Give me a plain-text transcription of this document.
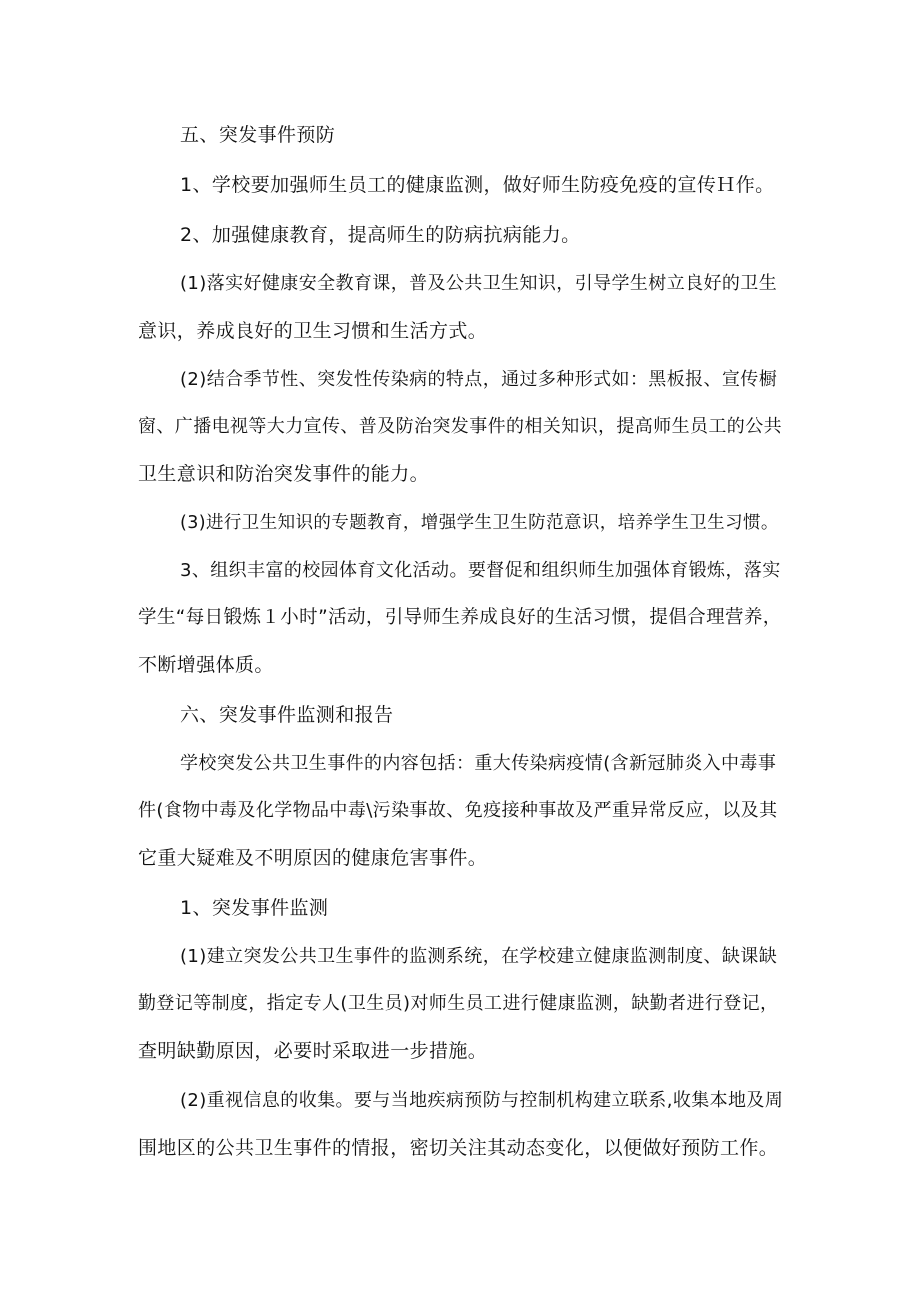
五、突发事件预防
1、学校要加强师生员工的健康监测，做好师生防疫免疫的宣传Ｈ作。
2、加强健康教育，提高师生的防病抗病能力。
(1)落实好健康安全教育课，普及公共卫生知识，引导学生树立良好的卫生
意识，养成良好的卫生习惯和生活方式。
(2)结合季节性、突发性传染病的特点，通过多种形式如：黑板报、宣传橱
窗、广播电视等大力宣传、普及防治突发事件的相关知识，提高师生员工的公共
卫生意识和防治突发事件的能力。
(3)进行卫生知识的专题教育，增强学生卫生防范意识，培养学生卫生习惯。
3、组织丰富的校园体育文化活动。要督促和组织师生加强体育锻炼，落实
学生“每日锻炼１小时”活动，引导师生养成良好的生活习惯，提倡合理营养，
不断增强体质。
六、突发事件监测和报告
学校突发公共卫生事件的内容包括：重大传染病疫情(含新冠肺炎入中毒事
件(食物中毒及化学物品中毒\污染事故、免疫接种事故及严重异常反应，以及其
它重大疑难及不明原因的健康危害事件。
1、突发事件监测
(1)建立突发公共卫生事件的监测系统，在学校建立健康监测制度、缺课缺
勤登记等制度，指定专人(卫生员)对师生员工进行健康监测，缺勤者进行登记，
查明缺勤原因，必要时采取进一步措施。
(2)重视信息的收集。要与当地疾病预防与控制机构建立联系,收集本地及周
围地区的公共卫生事件的情报，密切关注其动态变化，以便做好预防工作。
